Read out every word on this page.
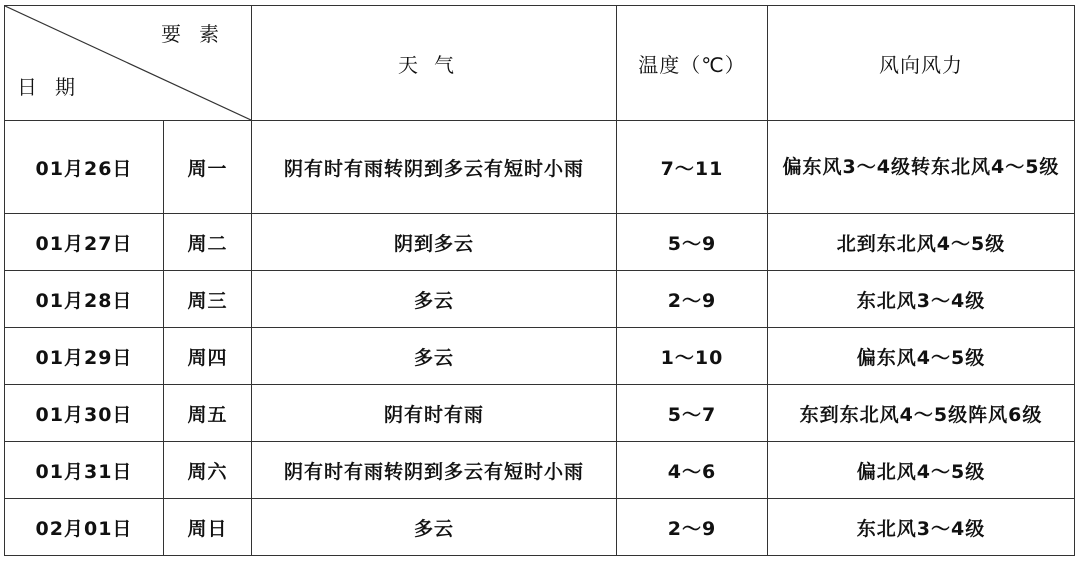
要素
日期		天气	温度（℃）	风向风力
01月26日	周一	阴有时有雨转阴到多云有短时小雨	7～11	偏东风3～4级转东北风4～5级

01月27日	周二	阴到多云	5～9	北到东北风4～5级
01月28日	周三	多云	2～9	东北风3～4级
01月29日	周四	多云	1～10	偏东风4～5级
01月30日	周五	阴有时有雨	5～7	东到东北风4～5级阵风6级
01月31日	周六	阴有时有雨转阴到多云有短时小雨	4～6	偏北风4～5级
02月01日	周日	多云	2～9	东北风3～4级
